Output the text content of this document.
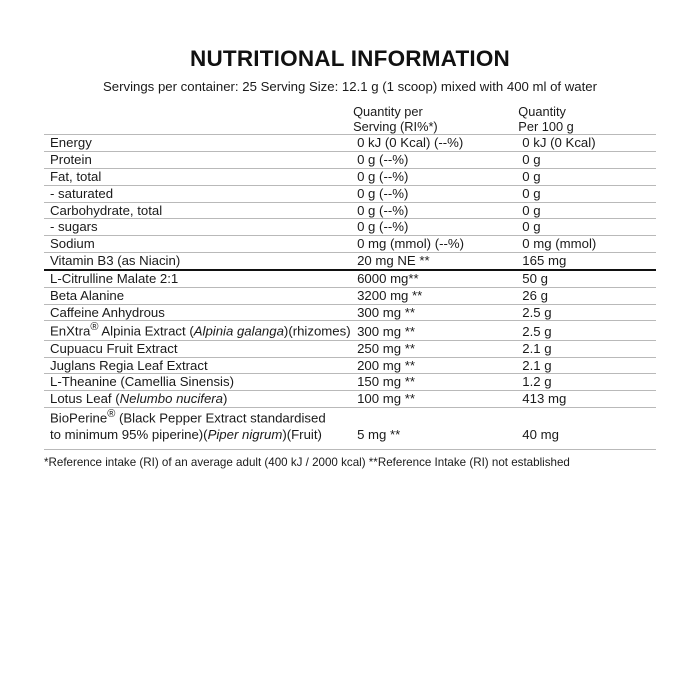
NUTRITIONAL INFORMATION
Servings per container: 25 Serving Size: 12.1 g (1 scoop) mixed with 400 ml of water
	Quantity per
Serving (RI%*)	Quantity
Per 100 g

Energy	0 kJ (0 Kcal) (--%)	0 kJ (0 Kcal)
Protein	0 g (--%)	0 g
Fat, total	0 g (--%)	0 g
- saturated	0 g (--%)	0 g
Carbohydrate, total	0 g (--%)	0 g
- sugars	0 g (--%)	0 g
Sodium	0 mg (mmol) (--%)	0 mg (mmol)
Vitamin B3 (as Niacin)	20 mg NE **	165 mg
L-Citrulline Malate 2:1	6000 mg**	50 g
Beta Alanine	3200 mg **	26 g
Caffeine Anhydrous	300 mg **	2.5 g
EnXtra® Alpinia Extract (Alpinia galanga)(rhizomes)	300 mg **	2.5 g
Cupuacu Fruit Extract	250 mg **	2.1 g
Juglans Regia Leaf Extract	200 mg **	2.1 g
L-Theanine (Camellia Sinensis)	150 mg **	1.2 g
Lotus Leaf (Nelumbo nucifera)	100 mg **	413 mg
BioPerine® (Black Pepper Extract standardised
to minimum 95% piperine)(Piper nigrum)(Fruit)	5 mg **	40 mg
*Reference intake (RI) of an average adult (400 kJ / 2000 kcal) **Reference Intake (RI) not established
